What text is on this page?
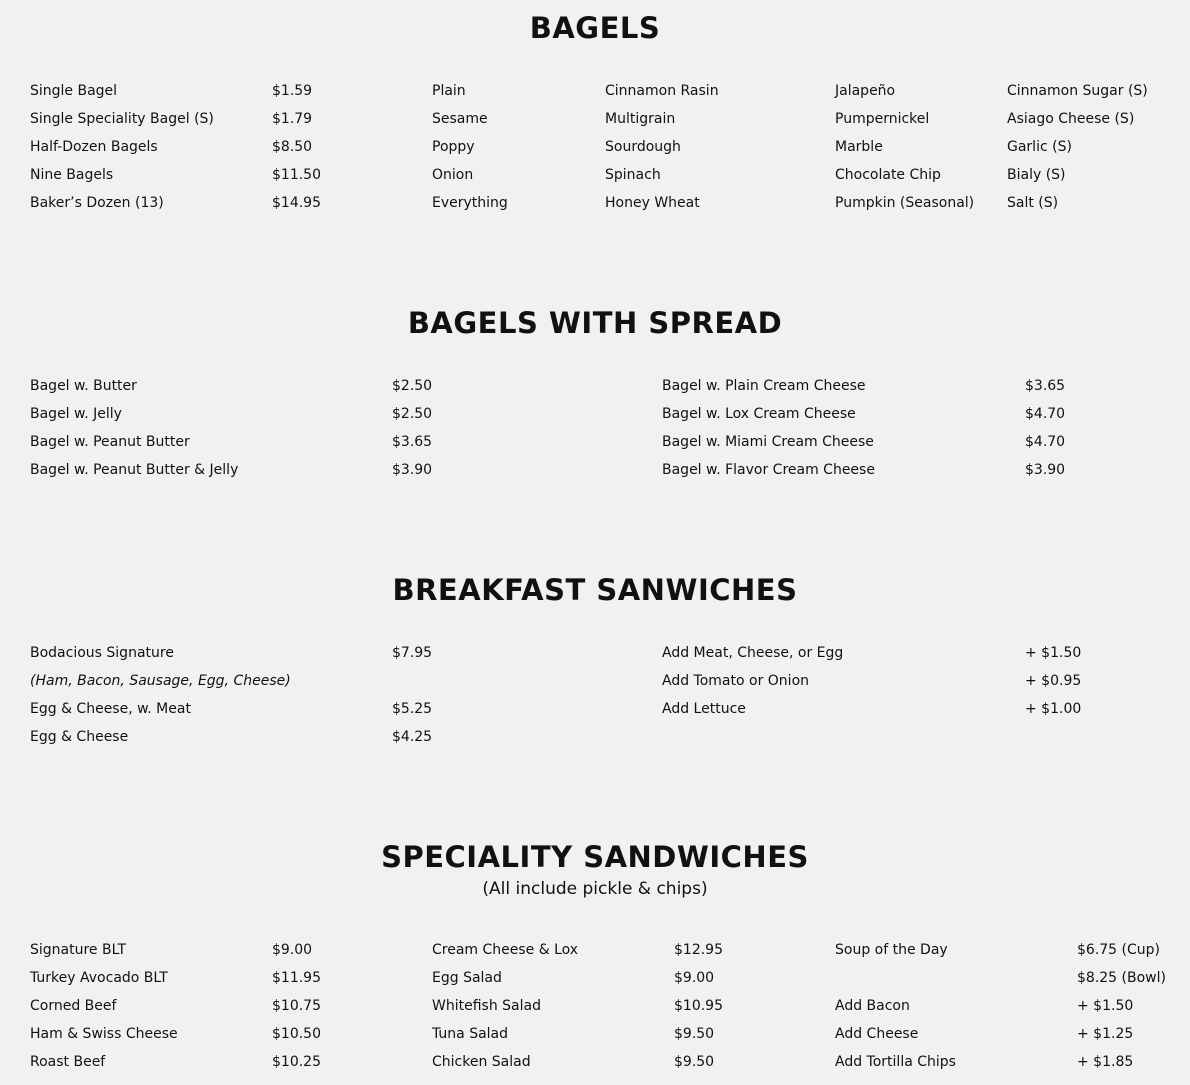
BAGELS
Single Bagel
Single Speciality Bagel (S)
Half-Dozen Bagels
Nine Bagels
Baker’s Dozen (13)
$1.59
$1.79
$8.50
$11.50
$14.95
Plain
Sesame
Poppy
Onion
Everything
Cinnamon Rasin
Multigrain
Sourdough
Spinach
Honey Wheat
Jalapeño
Pumpernickel
Marble
Chocolate Chip
Pumpkin (Seasonal)
Cinnamon Sugar (S)
Asiago Cheese (S)
Garlic (S)
Bialy (S)
Salt (S)
BAGELS WITH SPREAD
Bagel w. Butter
Bagel w. Jelly
Bagel w. Peanut Butter
Bagel w. Peanut Butter & Jelly
$2.50
$2.50
$3.65
$3.90
Bagel w. Plain Cream Cheese
Bagel w. Lox Cream Cheese
Bagel w. Miami Cream Cheese
Bagel w. Flavor Cream Cheese
$3.65
$4.70
$4.70
$3.90
BREAKFAST SANWICHES
Bodacious Signature
(Ham, Bacon, Sausage, Egg, Cheese)
Egg & Cheese, w. Meat
Egg & Cheese
$7.95

$5.25
$4.25
Add Meat, Cheese, or Egg
Add Tomato or Onion
Add Lettuce
+ $1.50
+ $0.95
+ $1.00
SPECIALITY SANDWICHES

(All include pickle & chips)

Signature BLT
Turkey Avocado BLT
Corned Beef
Ham & Swiss Cheese
Roast Beef
$9.00
$11.95
$10.75
$10.50
$10.25
Cream Cheese & Lox
Egg Salad
Whitefish Salad
Tuna Salad
Chicken Salad
$12.95
$9.00
$10.95
$9.50
$9.50
Soup of the Day

Add Bacon
Add Cheese
Add Tortilla Chips
$6.75 (Cup)
$8.25 (Bowl)
+ $1.50
+ $1.25
+ $1.85
